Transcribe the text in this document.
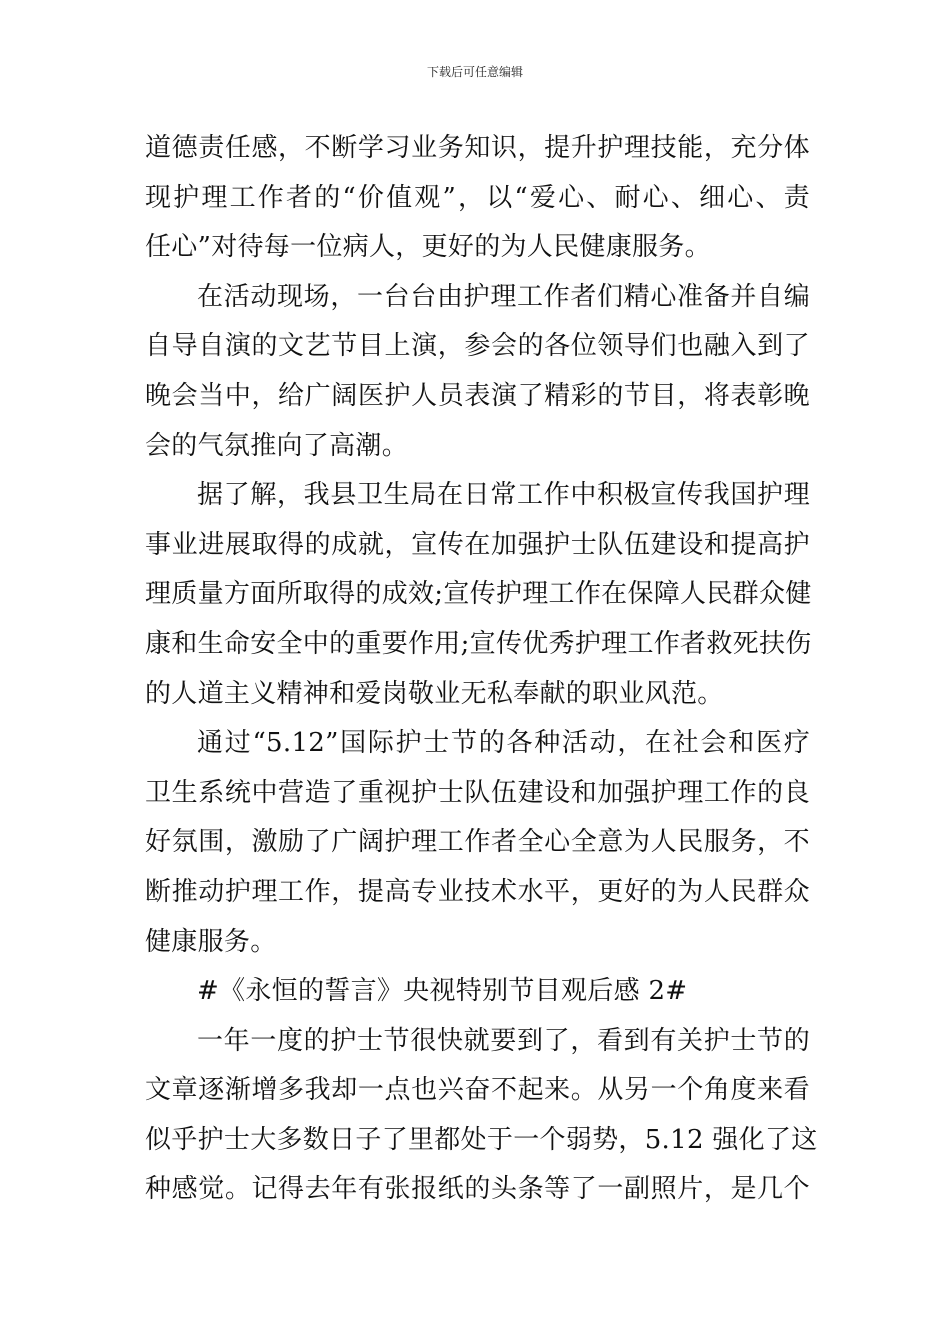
下载后可任意编辑
道德责任感，不断学习业务知识，提升护理技能，充分体
现护理工作者的“价值观”，以“爱心、耐心、细心、责
任心”对待每一位病人，更好的为人民健康服务。
在活动现场，一台台由护理工作者们精心准备并自编
自导自演的文艺节目上演，参会的各位领导们也融入到了
晚会当中，给广阔医护人员表演了精彩的节目，将表彰晚
会的气氛推向了高潮。
据了解，我县卫生局在日常工作中积极宣传我国护理
事业进展取得的成就，宣传在加强护士队伍建设和提高护
理质量方面所取得的成效;宣传护理工作在保障人民群众健
康和生命安全中的重要作用;宣传优秀护理工作者救死扶伤
的人道主义精神和爱岗敬业无私奉献的职业风范。
通过“5.12”国际护士节的各种活动，在社会和医疗
卫生系统中营造了重视护士队伍建设和加强护理工作的良
好氛围，激励了广阔护理工作者全心全意为人民服务，不
断推动护理工作，提高专业技术水平，更好的为人民群众
健康服务。
#《永恒的誓言》央视特别节目观后感 2#
一年一度的护士节很快就要到了，看到有关护士节的
文章逐渐增多我却一点也兴奋不起来。从另一个角度来看
似乎护士大多数日子了里都处于一个弱势，5.12 强化了这
种感觉。记得去年有张报纸的头条等了一副照片，是几个
